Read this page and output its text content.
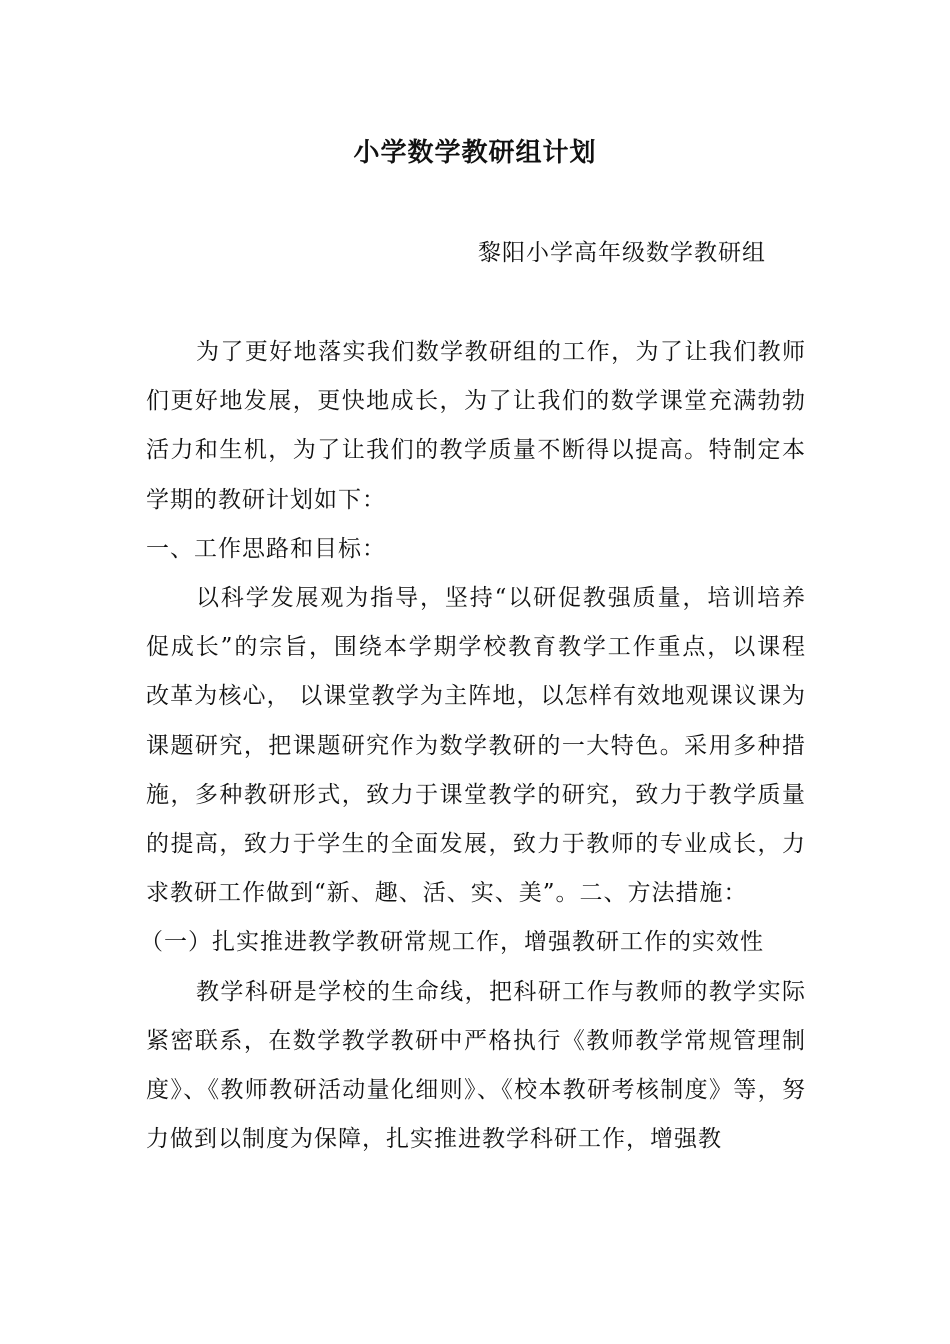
小学数学教研组计划
黎阳小学高年级数学教研组

为了更好地落实我们数学教研组的工作，为了让我们教师们更好地发展，更快地成长，为了让我们的数学课堂充满勃勃活力和生机，为了让我们的教学质量不断得以提高。特制定本学期的教研计划如下：

一、工作思路和目标：

以科学发展观为指导，坚持“以研促教强质量，培训培养促成长”的宗旨，围绕本学期学校教育教学工作重点，以课程改革为核心， 以课堂教学为主阵地，以怎样有效地观课议课为课题研究，把课题研究作为数学教研的一大特色。采用多种措施，多种教研形式，致力于课堂教学的研究，致力于教学质量的提高，致力于学生的全面发展，致力于教师的专业成长，力求教研工作做到“新、趣、活、实、美”。二、方法措施：

（一）扎实推进教学教研常规工作，增强教研工作的实效性

教学科研是学校的生命线，把科研工作与教师的教学实际紧密联系，在数学教学教研中严格执行《教师教学常规管理制度》、《教师教研活动量化细则》、《校本教研考核制度》等，努力做到以制度为保障，扎实推进教学科研工作，增强教
